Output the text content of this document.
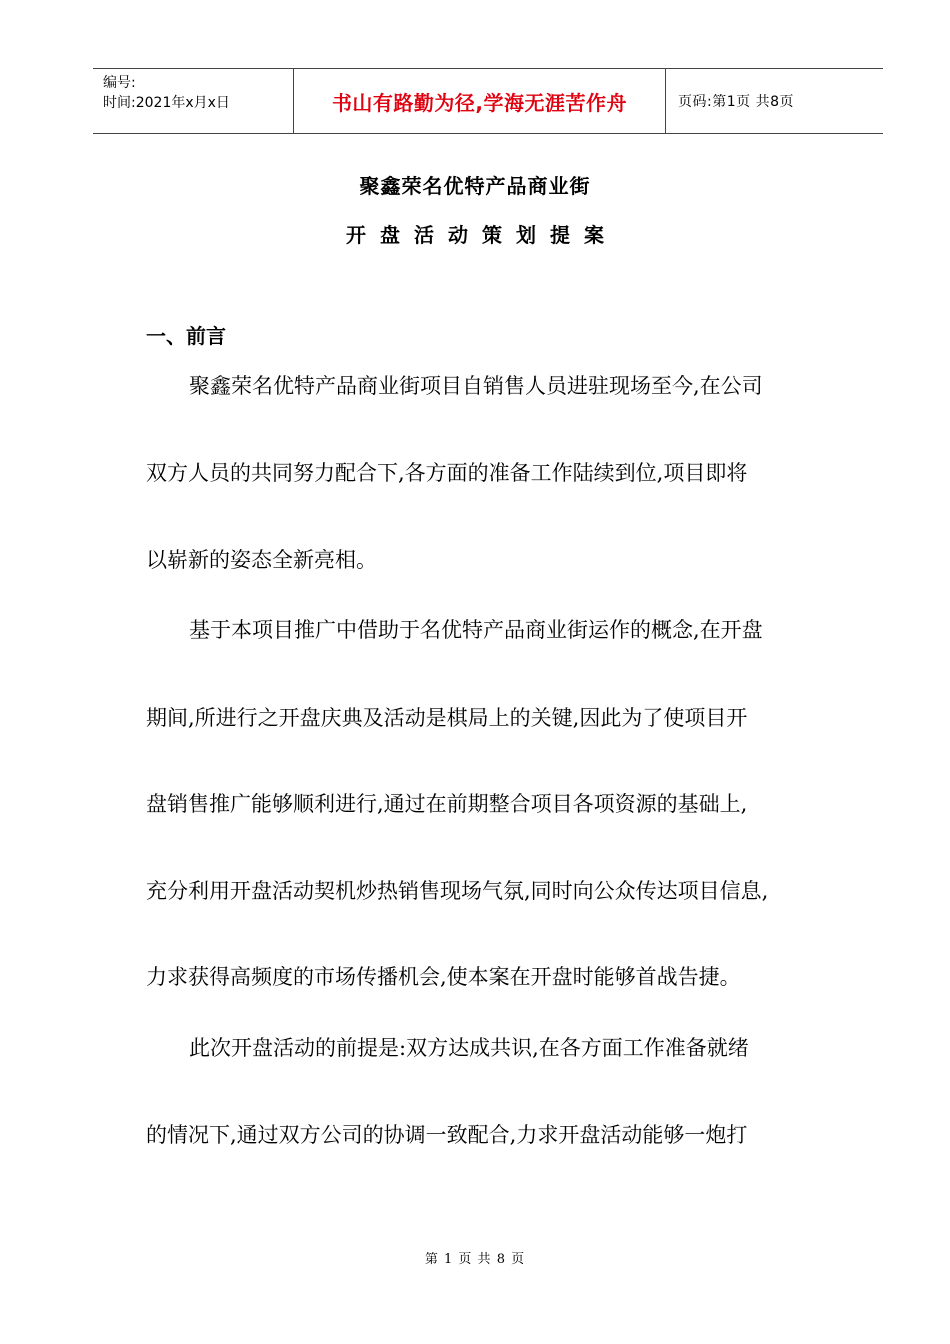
编号:
时间:2021年x月x日	书山有路勤为径,学海无涯苦作舟	页码:第1页 共8页
聚鑫荣名优特产品商业街
开盘活动策划提案
一、前言
聚鑫荣名优特产品商业街项目自销售人员进驻现场至今,在公司
双方人员的共同努力配合下,各方面的准备工作陆续到位,项目即将
以崭新的姿态全新亮相。
基于本项目推广中借助于名优特产品商业街运作的概念,在开盘
期间,所进行之开盘庆典及活动是棋局上的关键,因此为了使项目开
盘销售推广能够顺利进行,通过在前期整合项目各项资源的基础上,
充分利用开盘活动契机炒热销售现场气氛,同时向公众传达项目信息,
力求获得高频度的市场传播机会,使本案在开盘时能够首战告捷。
此次开盘活动的前提是:双方达成共识,在各方面工作准备就绪
的情况下,通过双方公司的协调一致配合,力求开盘活动能够一炮打
第 1 页 共 8 页
